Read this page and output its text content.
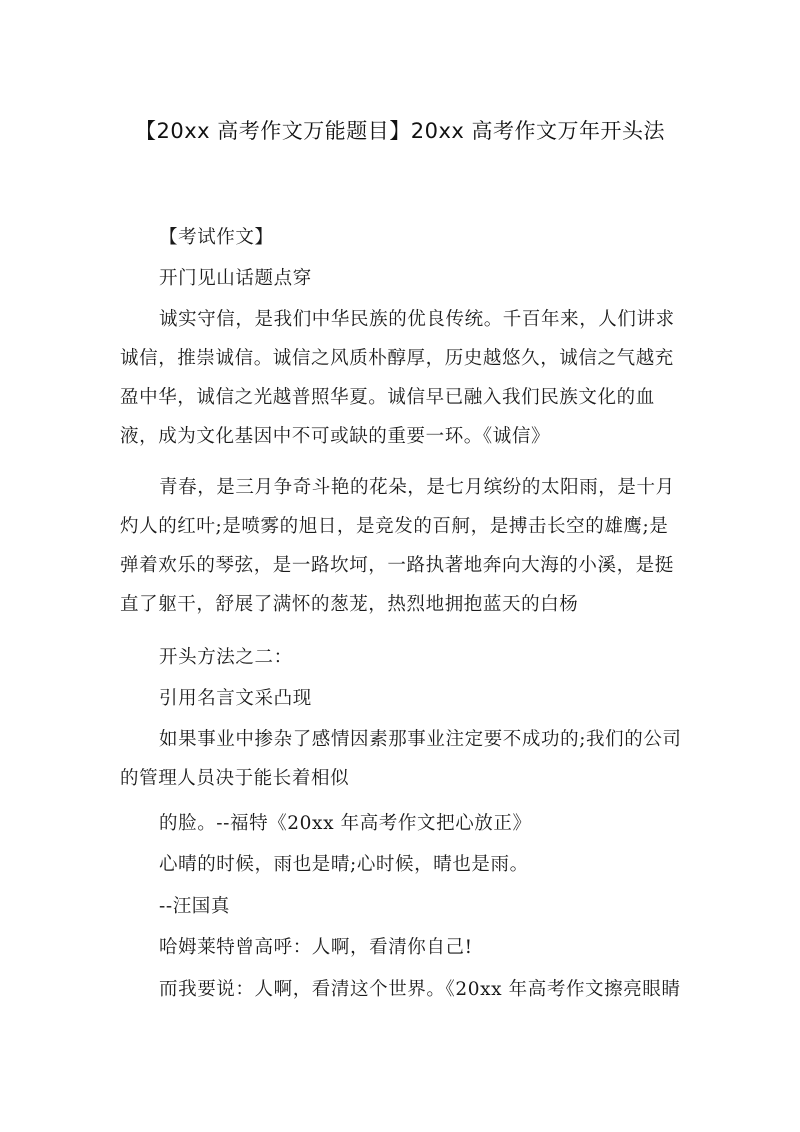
【20xx 高考作文万能题目】20xx 高考作文万年开头法
【考试作文】
开门见山话题点穿
诚实守信，是我们中华民族的优良传统。千百年来，人们讲求
诚信，推崇诚信。诚信之风质朴醇厚，历史越悠久，诚信之气越充
盈中华，诚信之光越普照华夏。诚信早已融入我们民族文化的血
液，成为文化基因中不可或缺的重要一环。《诚信》
青春，是三月争奇斗艳的花朵，是七月缤纷的太阳雨，是十月
灼人的红叶;是喷雾的旭日，是竞发的百舸，是搏击长空的雄鹰;是
弹着欢乐的琴弦，是一路坎坷，一路执著地奔向大海的小溪，是挺
直了躯干，舒展了满怀的葱茏，热烈地拥抱蓝天的白杨
开头方法之二：
引用名言文采凸现
如果事业中掺杂了感情因素那事业注定要不成功的;我们的公司
的管理人员决于能长着相似
的脸。--福特《20xx 年高考作文把心放正》
心晴的时候，雨也是晴;心时候，晴也是雨。
--汪国真
哈姆莱特曾高呼：人啊，看清你自己!
而我要说：人啊，看清这个世界。《20xx 年高考作文擦亮眼睛
